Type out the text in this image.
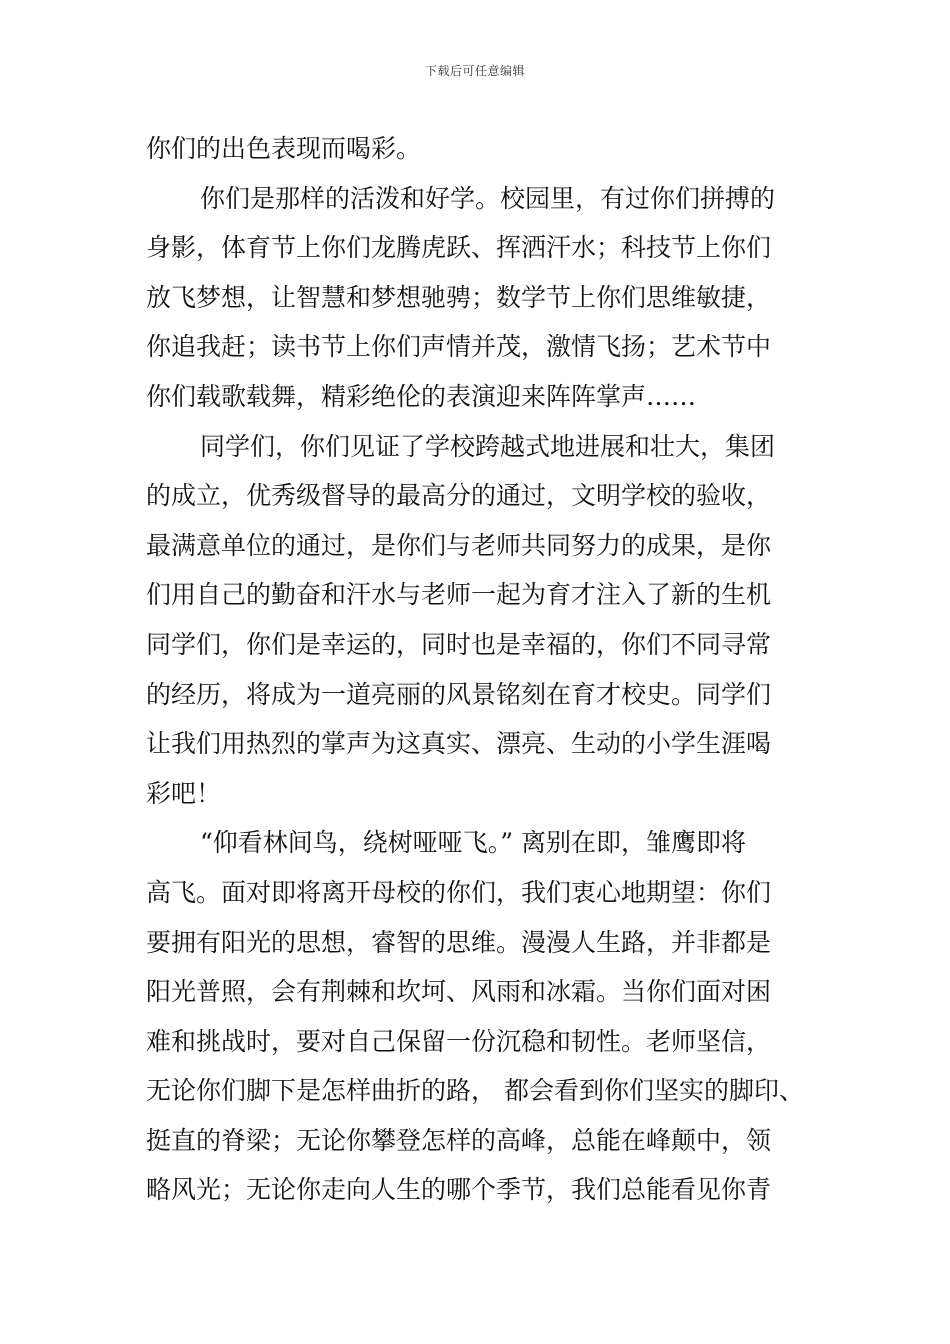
下载后可任意编辑
你们的出色表现而喝彩。
你们是那样的活泼和好学。校园里，有过你们拼搏的
身影，体育节上你们龙腾虎跃、挥洒汗水；科技节上你们
放飞梦想，让智慧和梦想驰骋；数学节上你们思维敏捷，
你追我赶；读书节上你们声情并茂，激情飞扬；艺术节中
你们载歌载舞，精彩绝伦的表演迎来阵阵掌声……
同学们，你们见证了学校跨越式地进展和壮大，集团
的成立，优秀级督导的最高分的通过，文明学校的验收，
最满意单位的通过，是你们与老师共同努力的成果，是你
们用自己的勤奋和汗水与老师一起为育才注入了新的生机
同学们，你们是幸运的，同时也是幸福的，你们不同寻常
的经历，将成为一道亮丽的风景铭刻在育才校史。同学们
让我们用热烈的掌声为这真实、漂亮、生动的小学生涯喝
彩吧！
“仰看林间鸟，绕树哑哑飞。” 离别在即，雏鹰即将
高飞。面对即将离开母校的你们，我们衷心地期望：你们
要拥有阳光的思想，睿智的思维。漫漫人生路，并非都是
阳光普照，会有荆棘和坎坷、风雨和冰霜。当你们面对困
难和挑战时，要对自己保留一份沉稳和韧性。老师坚信，
无论你们脚下是怎样曲折的路， 都会看到你们坚实的脚印、
挺直的脊梁；无论你攀登怎样的高峰，总能在峰颠中，领
略风光；无论你走向人生的哪个季节，我们总能看见你青
